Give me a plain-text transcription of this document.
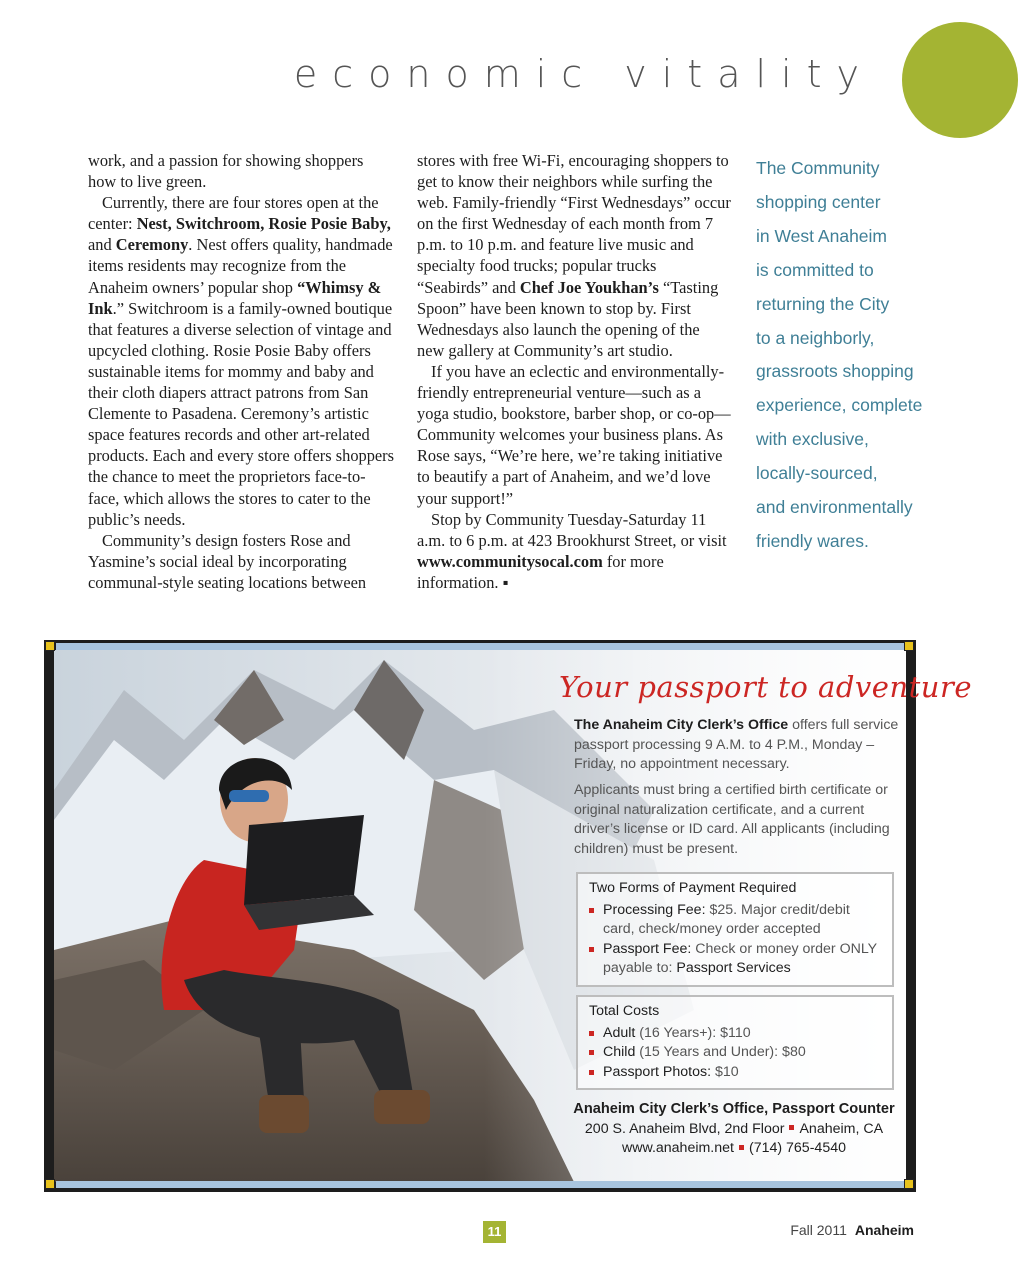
economic vitality

work, and a passion for showing shoppers how to live green.

Currently, there are four stores open at the center: Nest, Switchroom, Rosie Posie Baby, and Ceremony. Nest offers quality, handmade items residents may recognize from the Anaheim owners’ popular shop “Whimsy & Ink.” Switchroom is a family-owned boutique that features a diverse selection of vintage and upcycled clothing. Rosie Posie Baby offers sustainable items for mommy and baby and their cloth diapers attract patrons from San Clemente to Pasadena. Ceremony’s artistic space features records and other art-related products. Each and every store offers shoppers the chance to meet the proprietors face-to-face, which allows the stores to cater to the public’s needs.

Community’s design fosters Rose and Yasmine’s social ideal by incorporating communal-style seating locations between

stores with free Wi-Fi, encouraging shoppers to get to know their neighbors while surfing the web. Family-friendly “First Wednesdays” occur on the first Wednesday of each month from 7 p.m. to 10 p.m. and feature live music and specialty food trucks; popular trucks “Seabirds” and Chef Joe Youkhan’s “Tasting Spoon” have been known to stop by. First Wednesdays also launch the opening of the new gallery at Community’s art studio.

If you have an eclectic and environmentally-friendly entrepreneurial venture—such as a yoga studio, bookstore, barber shop, or co-op—Community welcomes your business plans. As Rose says, “We’re here, we’re taking initiative to beautify a part of Anaheim, and we’d love your support!”

Stop by Community Tuesday-Saturday 11 a.m. to 6 p.m. at 423 Brookhurst Street, or visit www.communitysocal.com for more information. ▪

The Community
shopping center
in West Anaheim
is committed to
returning the City
to a neighborly,
grassroots shopping
experience, complete
with exclusive,
locally-sourced,
and environmentally
friendly wares.
Your passport to adventure
The Anaheim City Clerk’s Office offers full service passport processing 9 A.M. to 4 P.M., Monday – Friday, no appointment necessary.
Applicants must bring a certified birth certificate or original naturalization certificate, and a current driver’s license or ID card. All applicants (including children) must be present.
Two Forms of Payment Required
Processing Fee: $25. Major credit/debit card, check/money order accepted
Passport Fee: Check or money order ONLY payable to: Passport Services
Total Costs
Adult (16 Years+): $110
Child (15 Years and Under): $80
Passport Photos: $10
Anaheim City Clerk’s Office, Passport Counter
200 S. Anaheim Blvd, 2nd Floor Anaheim, CA
www.anaheim.net (714) 765-4540
11	Fall 2011 Anaheim
